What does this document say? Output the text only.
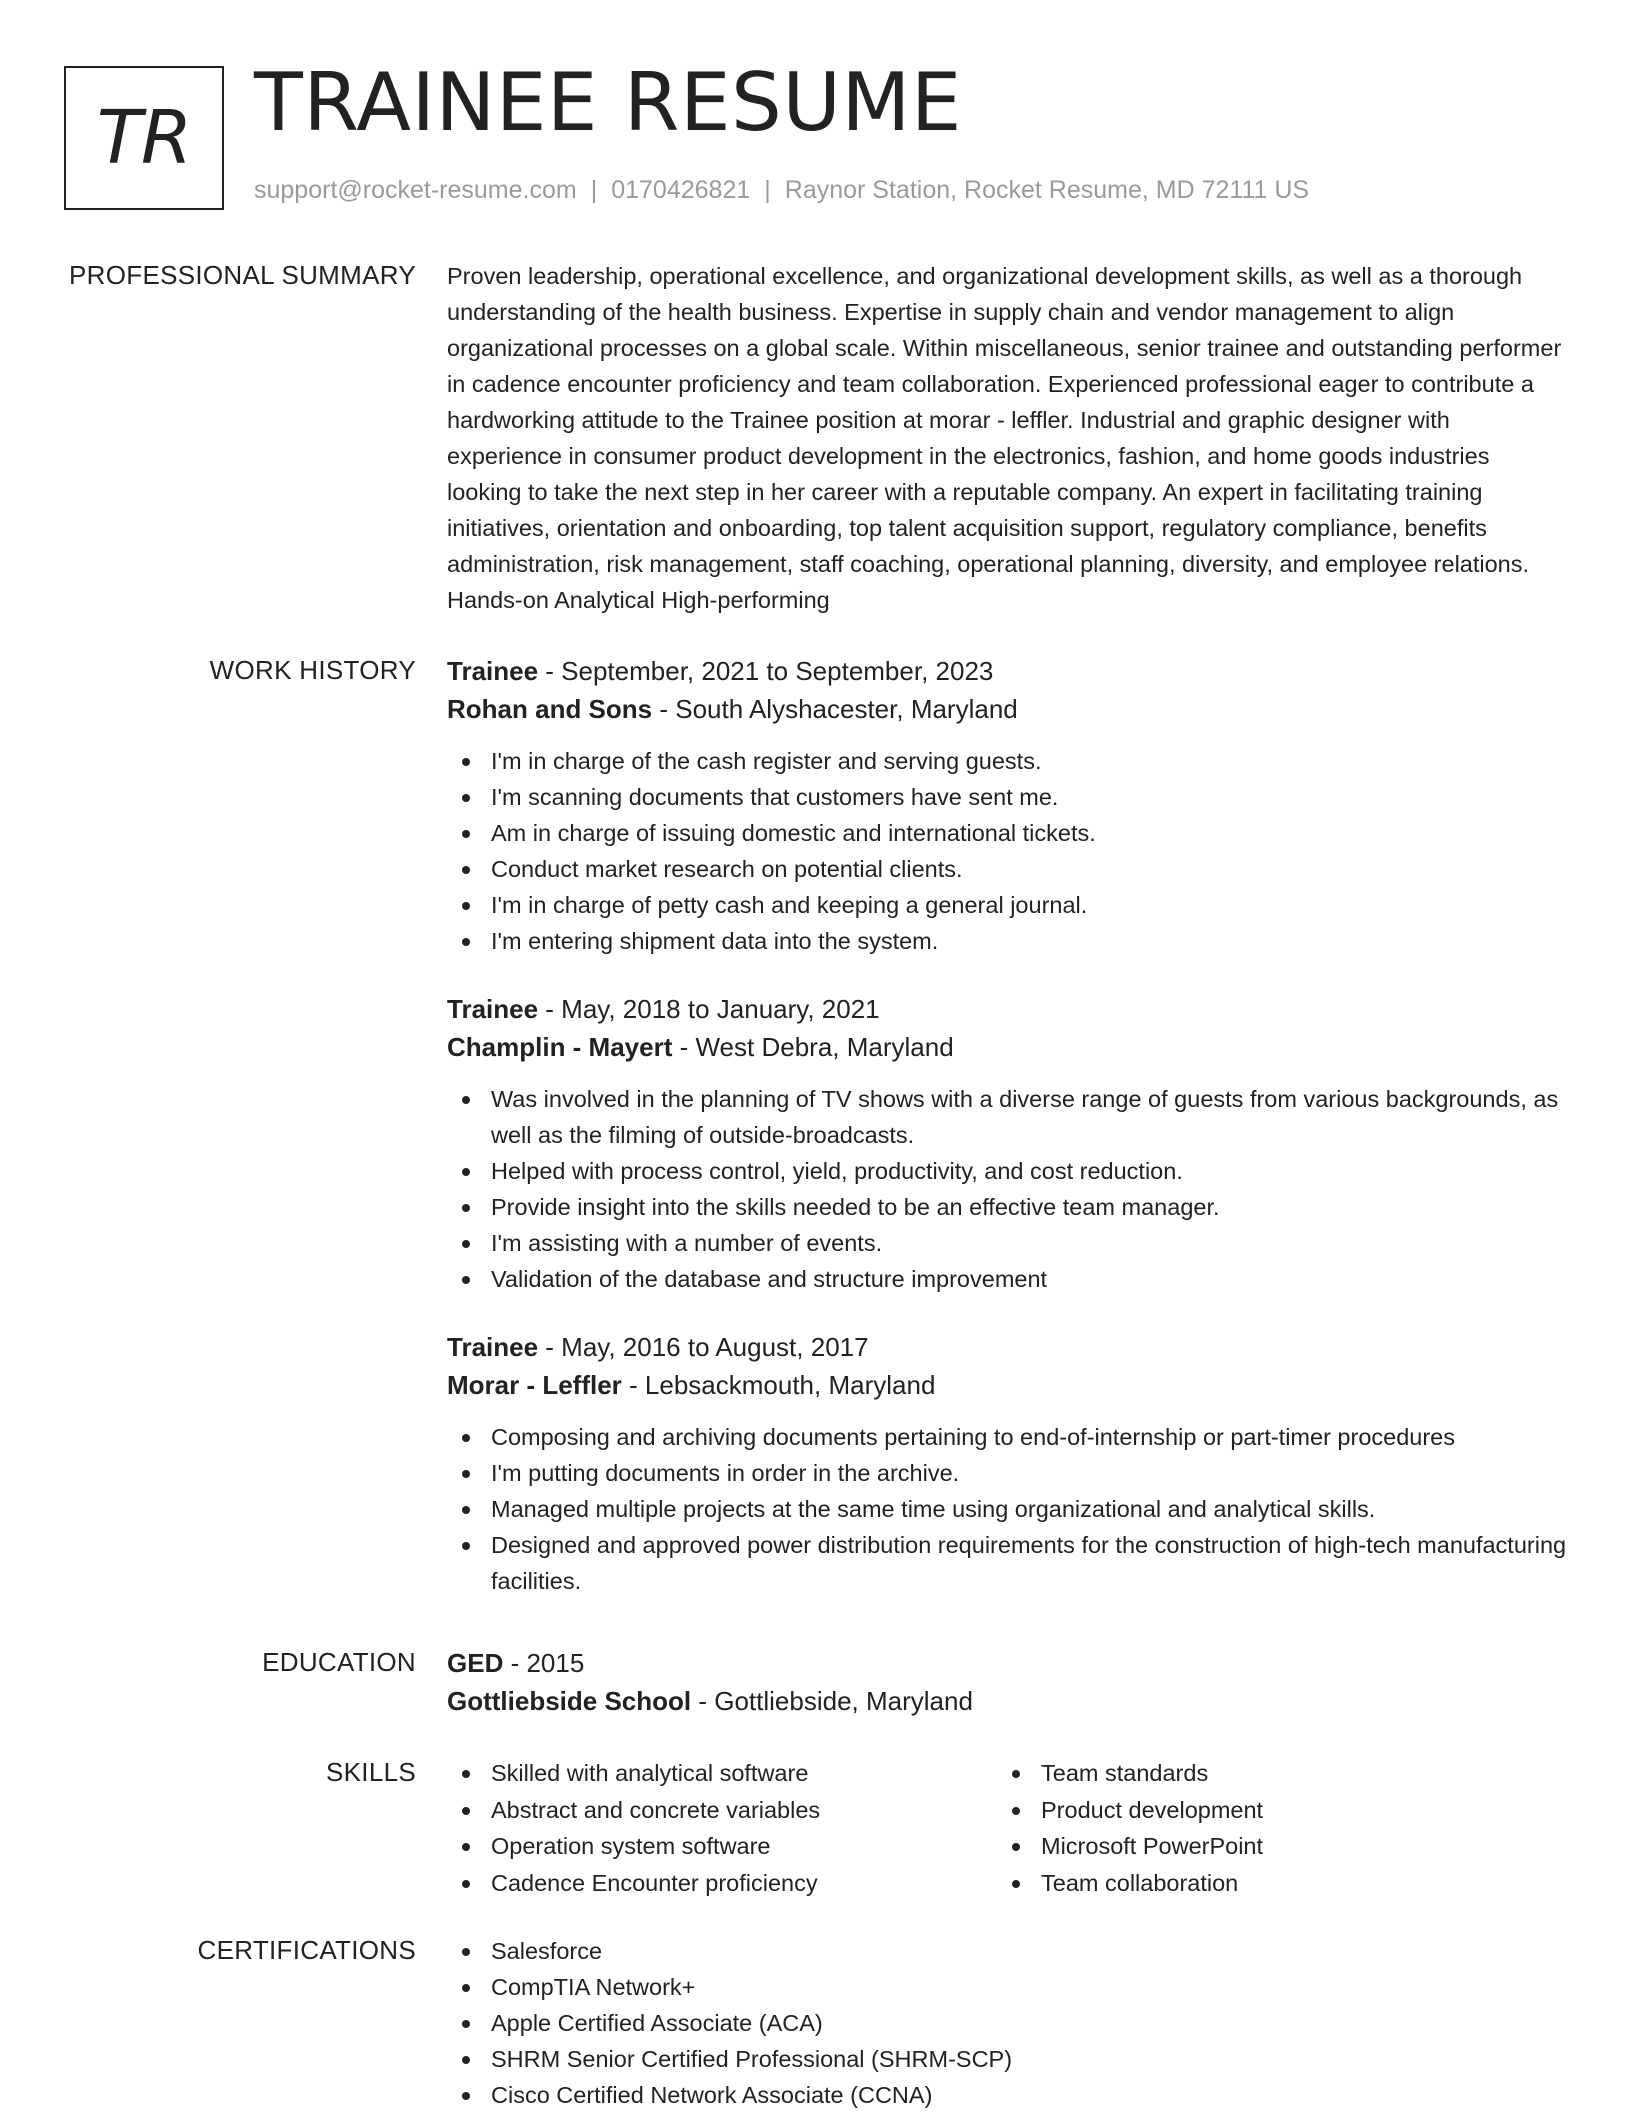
TR TRAINEE RESUME
support@rocket-resume.com | 0170426821 | Raynor Station, Rocket Resume, MD 72111 US
PROFESSIONAL SUMMARY Proven leadership, operational excellence, and organizational development skills, as well as a thorough understanding of the health business. Expertise in supply chain and vendor management to align organizational processes on a global scale. Within miscellaneous, senior trainee and outstanding performer in cadence encounter proficiency and team collaboration. Experienced professional eager to contribute a hardworking attitude to the Trainee position at morar - leffler. Industrial and graphic designer with experience in consumer product development in the electronics, fashion, and home goods industries looking to take the next step in her career with a reputable company. An expert in facilitating training initiatives, orientation and onboarding, top talent acquisition support, regulatory compliance, benefits administration, risk management, staff coaching, operational planning, diversity, and employee relations. Hands-on Analytical High-performing
WORK HISTORY Trainee - September, 2021 to September, 2023
Rohan and Sons - South Alyshacester, Maryland
I'm in charge of the cash register and serving guests.
I'm scanning documents that customers have sent me.
Am in charge of issuing domestic and international tickets.
Conduct market research on potential clients.
I'm in charge of petty cash and keeping a general journal.
I'm entering shipment data into the system.
Trainee - May, 2018 to January, 2021
Champlin - Mayert - West Debra, Maryland
Was involved in the planning of TV shows with a diverse range of guests from various backgrounds, as well as the filming of outside-broadcasts.
Helped with process control, yield, productivity, and cost reduction.
Provide insight into the skills needed to be an effective team manager.
I'm assisting with a number of events.
Validation of the database and structure improvement
Trainee - May, 2016 to August, 2017
Morar - Leffler - Lebsackmouth, Maryland
Composing and archiving documents pertaining to end-of-internship or part-timer procedures
I'm putting documents in order in the archive.
Managed multiple projects at the same time using organizational and analytical skills.
Designed and approved power distribution requirements for the construction of high-tech manufacturing facilities.
EDUCATION GED - 2015
Gottliebside School - Gottliebside, Maryland
SKILLS	Skilled with analytical software
Abstract and concrete variables
Operation system software
Cadence Encounter proficiency
Team standards
Product development
Microsoft PowerPoint
Team collaboration
CERTIFICATIONS	Salesforce
CompTIA Network+
Apple Certified Associate (ACA)
SHRM Senior Certified Professional (SHRM-SCP)
Cisco Certified Network Associate (CCNA)
